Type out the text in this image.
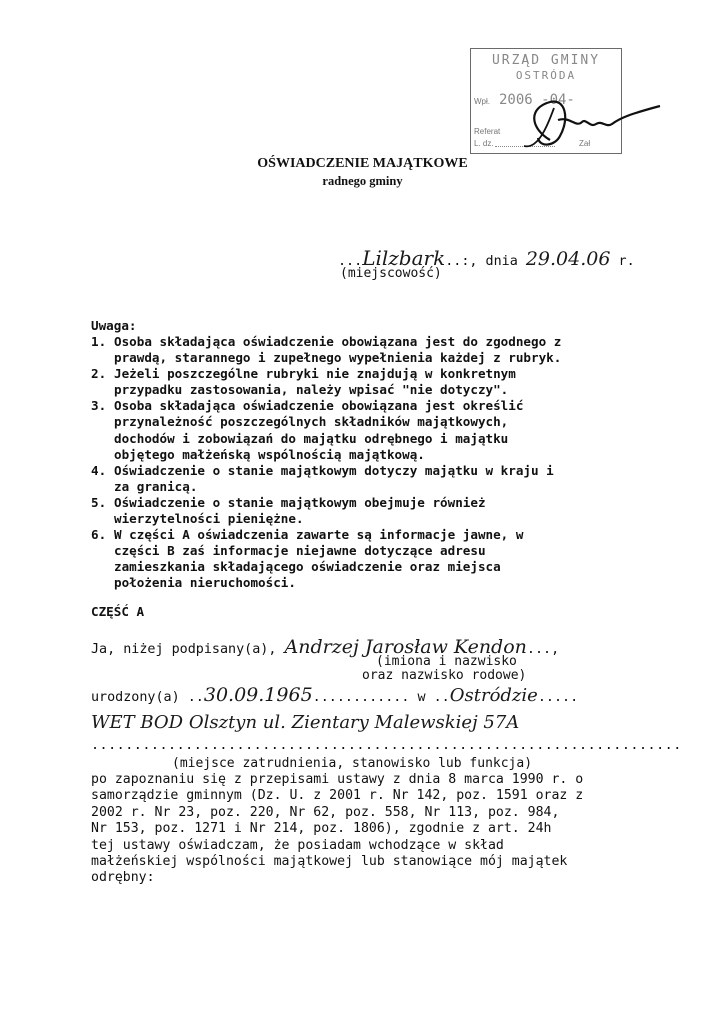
URZĄD GMINY
OSTRÓDA
Wpł. 2006 -04-
Referat
L. dz.	Zał
OŚWIADCZENIE MAJĄTKOWE
radnego gminy
...Lilzbark..:, dnia 29.04.06 r.
(miejscowość)
Uwaga:
1. Osoba składająca oświadczenie obowiązana jest do zgodnego z
prawdą, starannego i zupełnego wypełnienia każdej z rubryk.
2. Jeżeli poszczególne rubryki nie znajdują w konkretnym
przypadku zastosowania, należy wpisać "nie dotyczy".
3. Osoba składająca oświadczenie obowiązana jest określić
przynależność poszczególnych składników majątkowych,
dochodów i zobowiązań do majątku odrębnego i majątku
objętego małżeńską wspólnością majątkową.
4. Oświadczenie o stanie majątkowym dotyczy majątku w kraju i
za granicą.
5. Oświadczenie o stanie majątkowym obejmuje również
wierzytelności pieniężne.
6. W części A oświadczenia zawarte są informacje jawne, w
części B zaś informacje niejawne dotyczące adresu
zamieszkania składającego oświadczenie oraz miejsca
położenia nieruchomości.
CZĘŚĆ A
Ja, niżej podpisany(a), Andrzej Jarosław Kendon...,
(imiona i nazwisko
oraz nazwisko rodowe)
urodzony(a) ..30.09.1965............ w ..Ostródzie.....
WET BOD Olsztyn ul. Zientary Malewskiej 57A
.....................................................................
(miejsce zatrudnienia, stanowisko lub funkcja)
po zapoznaniu się z przepisami ustawy z dnia 8 marca 1990 r. o
samorządzie gminnym (Dz. U. z 2001 r. Nr 142, poz. 1591 oraz z
2002 r. Nr 23, poz. 220, Nr 62, poz. 558, Nr 113, poz. 984,
Nr 153, poz. 1271 i Nr 214, poz. 1806), zgodnie z art. 24h
tej ustawy oświadczam, że posiadam wchodzące w skład
małżeńskiej wspólności majątkowej lub stanowiące mój majątek
odrębny:
